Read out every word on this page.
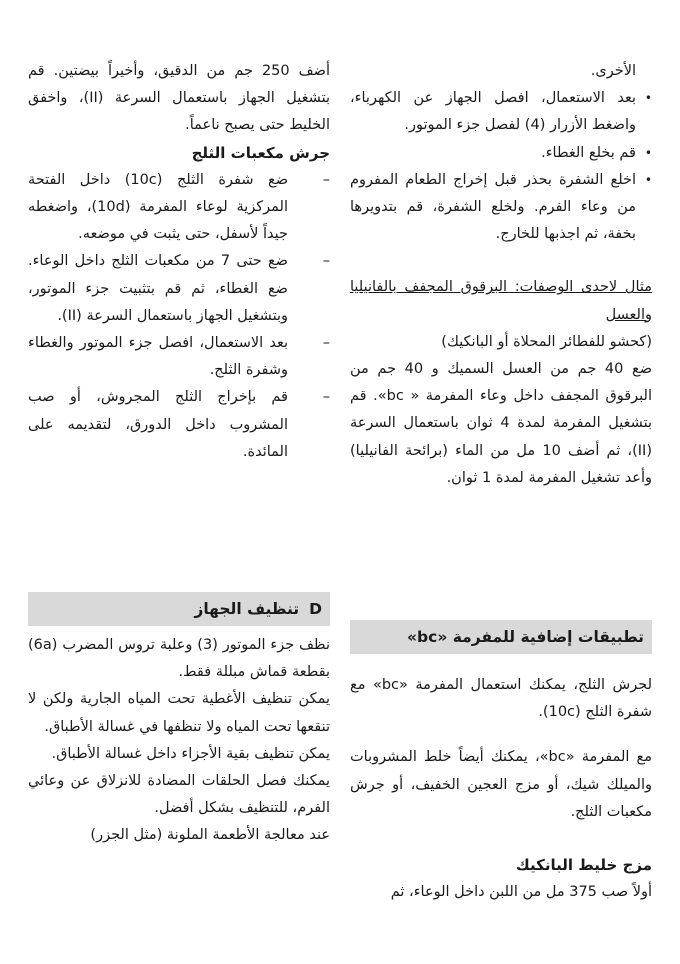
الأخرى.
•
بعد الاستعمال، افصل الجهاز عن الكهرباء، واضغط الأزرار (4) لفصل جزء الموتور.
•
قم بخلع الغطاء.
•
اخلع الشفرة بحذر قبل إخراج الطعام المفروم من وعاء الفرم. ولخلع الشفرة، قم بتدويرها بخفة، ثم اجذبها للخارج.

مثال لاحدى الوصفات: البرقوق المجفف بالفانيليا والعسل

(كحشو للفطائر المحلاة أو البانكيك)

ضع 40 جم من العسل السميك و 40 جم من البرقوق المجفف داخل وعاء المفرمة « bc». قم بتشغيل المفرمة لمدة 4 ثوان باستعمال السرعة (II)، ثم أضف 10 مل من الماء (برائحة الفانيليا) وأعد تشغيل المفرمة لمدة 1 ثوان.

تطبيقات إضافية للمفرمة «bc»

لجرش الثلج، يمكنك استعمال المفرمة «bc» مع شفرة الثلج (10c).

مع المفرمة «bc»، يمكنك أيضاً خلط المشروبات والميلك شيك، أو مزج العجين الخفيف، أو جرش مكعبات الثلج.

مزج خليط البانكيك

أولاً صب 375 مل من اللبن داخل الوعاء، ثم

أضف 250 جم من الدقيق، وأخيراً بيضتين. قم بتشغيل الجهاز باستعمال السرعة (II)، واخفق الخليط حتى يصبح ناعماً.

جرش مكعبات الثلج

–
ضع شفرة الثلج (10c) داخل الفتحة المركزية لوعاء المفرمة (10d)، واضغطه جيداً لأسفل، حتى يثبت في موضعه.
–
ضع حتى 7 من مكعبات الثلج داخل الوعاء. ضع الغطاء، ثم قم بتثبيت جزء الموتور، وبتشغيل الجهاز باستعمال السرعة (II).
–
بعد الاستعمال، افصل جزء الموتور والغطاء وشفرة الثلج.
–
قم بإخراج الثلج المجروش، أو صب المشروب داخل الدورق، لتقديمه على المائدة.

Dتنظيف الجهاز

نظف جزء الموتور (3) وعلبة تروس المضرب (6a) بقطعة قماش مبللة فقط.

يمكن تنظيف الأغطية تحت المياه الجارية ولكن لا تنقعها تحت المياه ولا تنظفها في غسالة الأطباق.

يمكن تنظيف بقية الأجزاء داخل غسالة الأطباق.

يمكنك فصل الحلقات المضادة للانزلاق عن وعائي الفرم، للتنظيف بشكل أفضل.

عند معالجة الأطعمة الملونة (مثل الجزر)
